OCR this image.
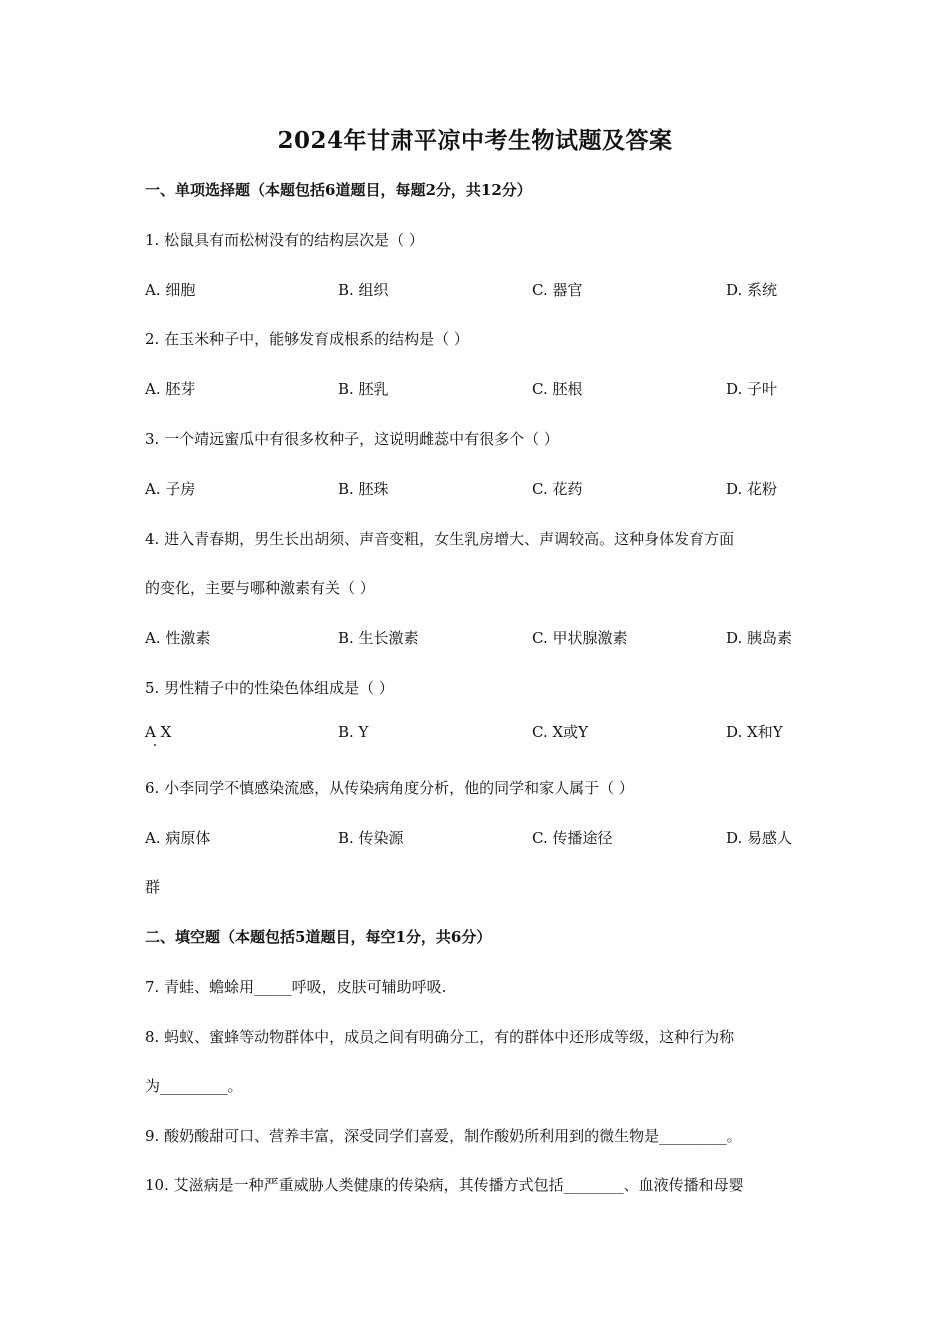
2024年甘肃平凉中考生物试题及答案
一、单项选择题（本题包括6道题目，每题2分，共12分）
1. 松鼠具有而松树没有的结构层次是（ ）
A. 细胞	B. 组织	C. 器官	D. 系统
2. 在玉米种子中，能够发育成根系的结构是（ ）
A. 胚芽	B. 胚乳	C. 胚根	D. 子叶
3. 一个靖远蜜瓜中有很多枚种子，这说明雌蕊中有很多个（ ）
A. 子房	B. 胚珠	C. 花药	D. 花粉
4. 进入青春期，男生长出胡须、声音变粗，女生乳房增大、声调较高。这种身体发育方面
的变化，主要与哪种激素有关（ ）
A. 性激素	B. 生长激素	C. 甲状腺激素	D. 胰岛素
5. 男性精子中的性染色体组成是（ ）
A X	B. Y	C. X或Y	D. X和Y
6. 小李同学不慎感染流感，从传染病角度分析，他的同学和家人属于（ ）
A. 病原体	B. 传染源	C. 传播途径	D. 易感人
群
二、填空题（本题包括5道题目，每空1分，共6分）
7. 青蛙、蟾蜍用_____呼吸，皮肤可辅助呼吸.
8. 蚂蚁、蜜蜂等动物群体中，成员之间有明确分工，有的群体中还形成等级，这种行为称
为_________。
9. 酸奶酸甜可口、营养丰富，深受同学们喜爱，制作酸奶所利用到的微生物是_________。
10. 艾滋病是一种严重威胁人类健康的传染病，其传播方式包括________、血液传播和母婴
